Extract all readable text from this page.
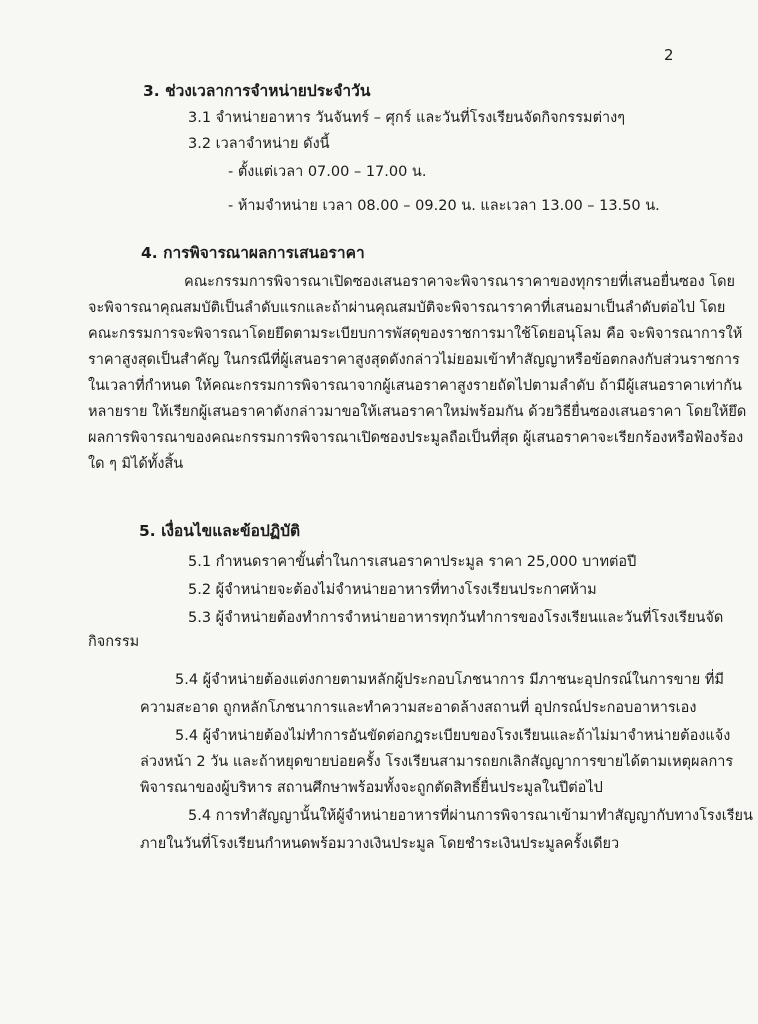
2
3. ช่วงเวลาการจำหน่ายประจำวัน
3.1 จำหน่ายอาหาร วันจันทร์ – ศุกร์ และวันที่โรงเรียนจัดกิจกรรมต่างๆ
3.2 เวลาจำหน่าย ดังนี้
- ตั้งแต่เวลา 07.00 – 17.00 น.
- ห้ามจำหน่าย เวลา 08.00 – 09.20 น. และเวลา 13.00 – 13.50 น.
4. การพิจารณาผลการเสนอราคา
คณะกรรมการพิจารณาเปิดซองเสนอราคาจะพิจารณาราคาของทุกรายที่เสนอยื่นซอง โดย
จะพิจารณาคุณสมบัติเป็นลำดับแรกและถ้าผ่านคุณสมบัติจะพิจารณาราคาที่เสนอมาเป็นลำดับต่อไป โดย
คณะกรรมการจะพิจารณาโดยยึดตามระเบียบการพัสดุของราชการมาใช้โดยอนุโลม คือ จะพิจารณาการให้
ราคาสูงสุดเป็นสำคัญ ในกรณีที่ผู้เสนอราคาสูงสุดดังกล่าวไม่ยอมเข้าทำสัญญาหรือข้อตกลงกับส่วนราชการ
ในเวลาที่กำหนด ให้คณะกรรมการพิจารณาจากผู้เสนอราคาสูงรายถัดไปตามลำดับ ถ้ามีผู้เสนอราคาเท่ากัน
หลายราย ให้เรียกผู้เสนอราคาดังกล่าวมาขอให้เสนอราคาใหม่พร้อมกัน ด้วยวิธียื่นซองเสนอราคา โดยให้ยึด
ผลการพิจารณาของคณะกรรมการพิจารณาเปิดซองประมูลถือเป็นที่สุด ผู้เสนอราคาจะเรียกร้องหรือฟ้องร้อง
ใด ๆ มิได้ทั้งสิ้น
5. เงื่อนไขและข้อปฏิบัติ
5.1 กำหนดราคาขั้นต่ำในการเสนอราคาประมูล ราคา 25,000 บาทต่อปี
5.2 ผู้จำหน่ายจะต้องไม่จำหน่ายอาหารที่ทางโรงเรียนประกาศห้าม
5.3 ผู้จำหน่ายต้องทำการจำหน่ายอาหารทุกวันทำการของโรงเรียนและวันที่โรงเรียนจัด
กิจกรรม
5.4 ผู้จำหน่ายต้องแต่งกายตามหลักผู้ประกอบโภชนาการ มีภาชนะอุปกรณ์ในการขาย ที่มี
ความสะอาด ถูกหลักโภชนาการและทำความสะอาดล้างสถานที่ อุปกรณ์ประกอบอาหารเอง
5.4 ผู้จำหน่ายต้องไม่ทำการอันขัดต่อกฎระเบียบของโรงเรียนและถ้าไม่มาจำหน่ายต้องแจ้ง
ล่วงหน้า 2 วัน และถ้าหยุดขายบ่อยครั้ง โรงเรียนสามารถยกเลิกสัญญาการขายได้ตามเหตุผลการ
พิจารณาของผู้บริหาร สถานศึกษาพร้อมทั้งจะถูกตัดสิทธิ์ยื่นประมูลในปีต่อไป
5.4 การทำสัญญานั้นให้ผู้จำหน่ายอาหารที่ผ่านการพิจารณาเข้ามาทำสัญญากับทางโรงเรียน
ภายในวันที่โรงเรียนกำหนดพร้อมวางเงินประมูล โดยชำระเงินประมูลครั้งเดียว
